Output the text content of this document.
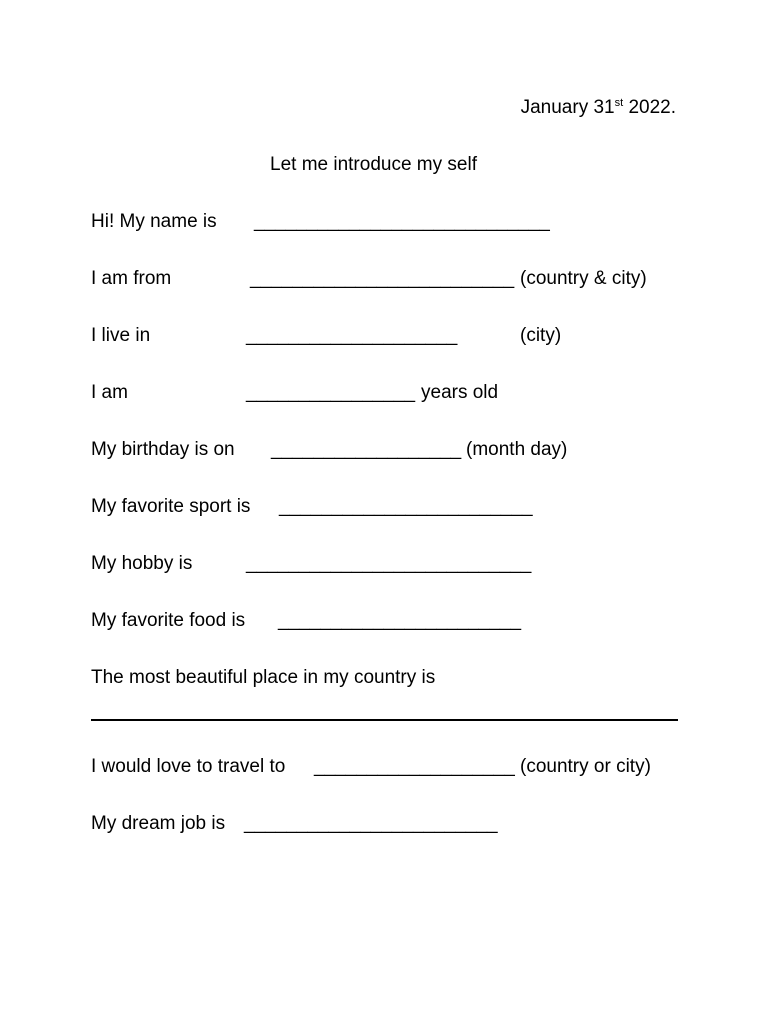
January 31st 2022.
Let me introduce my self
Hi! My name is ____________________________
I am from	_________________________ (country & city)
I live in	____________________	(city)
I am	________________ years old
My birthday is on __________________ (month day)
My favorite sport is ________________________
My hobby is	___________________________
My favorite food is _______________________
The most beautiful place in my country is
I would love to travel to ___________________ (country or city)
My dream job is ________________________
